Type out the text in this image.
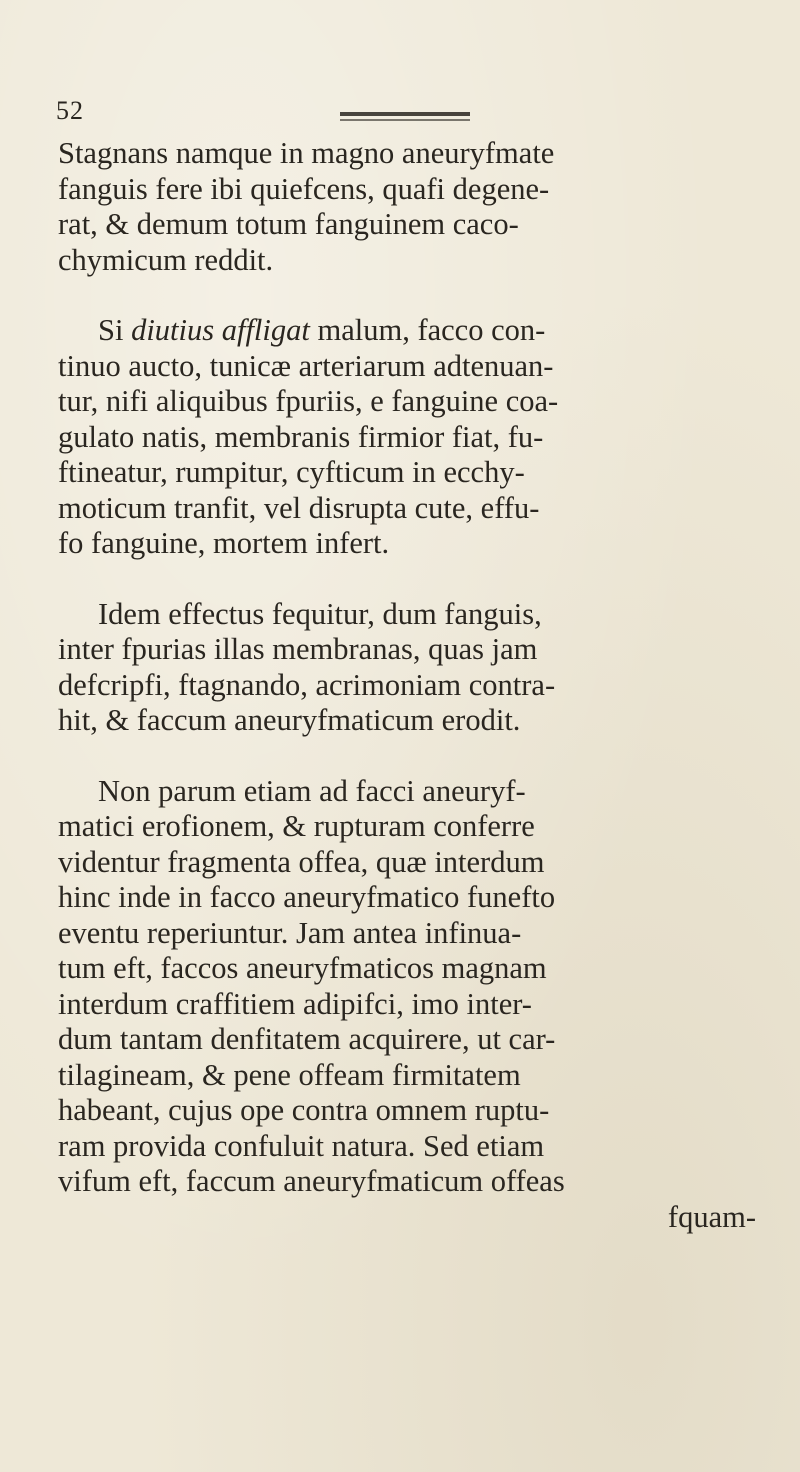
52

Stagnans namque in magno aneuryfmate
fanguis fere ibi quiefcens, quafi degene-
rat, & demum totum fanguinem caco-
chymicum reddit.

Si diutius affligat malum, facco con-
tinuo aucto, tunicæ arteriarum adtenuan-
tur, nifi aliquibus fpuriis, e fanguine coa-
gulato natis, membranis firmior fiat, fu-
ftineatur, rumpitur, cyfticum in ecchy-
moticum tranfit, vel disrupta cute, effu-
fo fanguine, mortem infert.

Idem effectus fequitur, dum fanguis,
inter fpurias illas membranas, quas jam
defcripfi, ftagnando, acrimoniam contra-
hit, & faccum aneuryfmaticum erodit.

Non parum etiam ad facci aneuryf-
matici erofionem, & rupturam conferre
videntur fragmenta offea, quæ interdum
hinc inde in facco aneuryfmatico funefto
eventu reperiuntur. Jam antea infinua-
tum eft, faccos aneuryfmaticos magnam
interdum craffitiem adipifci, imo inter-
dum tantam denfitatem acquirere, ut car-
tilagineam, & pene offeam firmitatem
habeant, cujus ope contra omnem ruptu-
ram provida confuluit natura. Sed etiam
vifum eft, faccum aneuryfmaticum offeas
fquam-
